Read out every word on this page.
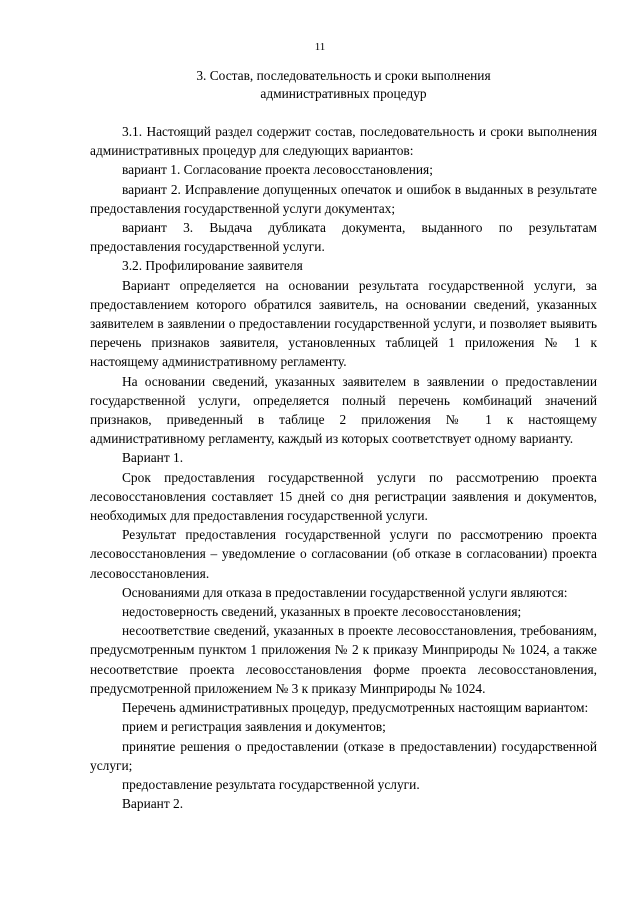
11
3. Состав, последовательность и сроки выполнения
административных процедур

3.1. Настоящий раздел содержит состав, последовательность и сроки выполнения административных процедур для следующих вариантов:

вариант 1. Согласование проекта лесовосстановления;

вариант 2. Исправление допущенных опечаток и ошибок в выданных в результате предоставления государственной услуги документах;

вариант 3. Выдача дубликата документа, выданного по результатам предоставления государственной услуги.

3.2. Профилирование заявителя

Вариант определяется на основании результата государственной услуги, за предоставлением которого обратился заявитель, на основании сведений, указанных заявителем в заявлении о предоставлении государственной услуги, и позволяет выявить перечень признаков заявителя, установленных таблицей 1 приложения № 1 к настоящему административному регламенту.

На основании сведений, указанных заявителем в заявлении о предоставлении государственной услуги, определяется полный перечень комбинаций значений признаков, приведенный в таблице 2 приложения № 1 к настоящему административному регламенту, каждый из которых соответствует одному варианту.

Вариант 1.

Срок предоставления государственной услуги по рассмотрению проекта лесовосстановления составляет 15 дней со дня регистрации заявления и документов, необходимых для предоставления государственной услуги.

Результат предоставления государственной услуги по рассмотрению проекта лесовосстановления – уведомление о согласовании (об отказе в согласовании) проекта лесовосстановления.

Основаниями для отказа в предоставлении государственной услуги являются:

недостоверность сведений, указанных в проекте лесовосстановления;

несоответствие сведений, указанных в проекте лесовосстановления, требованиям, предусмотренным пунктом 1 приложения № 2 к приказу Минприроды № 1024, а также несоответствие проекта лесовосстановления форме проекта лесовосстановления, предусмотренной приложением № 3 к приказу Минприроды № 1024.

Перечень административных процедур, предусмотренных настоящим вариантом:

прием и регистрация заявления и документов;

принятие решения о предоставлении (отказе в предоставлении) государственной услуги;

предоставление результата государственной услуги.

Вариант 2.
